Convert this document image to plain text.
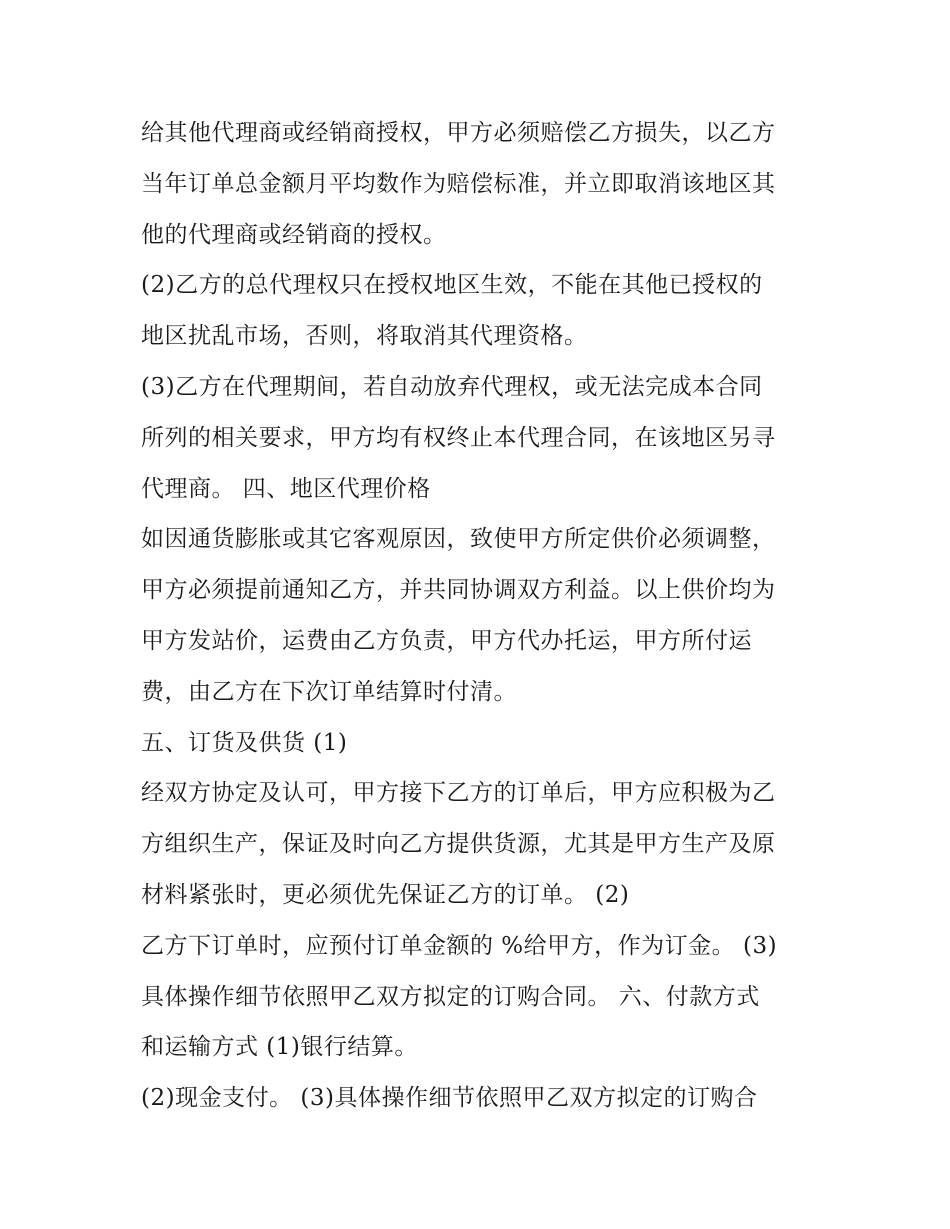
给其他代理商或经销商授权，甲方必须赔偿乙方损失，以乙方
当年订单总金额月平均数作为赔偿标准，并立即取消该地区其
他的代理商或经销商的授权。
(2)乙方的总代理权只在授权地区生效，不能在其他已授权的
地区扰乱市场，否则，将取消其代理资格。
(3)乙方在代理期间，若自动放弃代理权，或无法完成本合同
所列的相关要求，甲方均有权终止本代理合同，在该地区另寻
代理商。 四、地区代理价格
如因通货膨胀或其它客观原因，致使甲方所定供价必须调整，
甲方必须提前通知乙方，并共同协调双方利益。以上供价均为
甲方发站价，运费由乙方负责，甲方代办托运，甲方所付运
费，由乙方在下次订单结算时付清。
五、订货及供货 (1)
经双方协定及认可，甲方接下乙方的订单后，甲方应积极为乙
方组织生产，保证及时向乙方提供货源，尤其是甲方生产及原
材料紧张时，更必须优先保证乙方的订单。 (2)
乙方下订单时，应预付订单金额的 %给甲方，作为订金。 (3)
具体操作细节依照甲乙双方拟定的订购合同。 六、付款方式
和运输方式 (1)银行结算。
(2)现金支付。 (3)具体操作细节依照甲乙双方拟定的订购合
